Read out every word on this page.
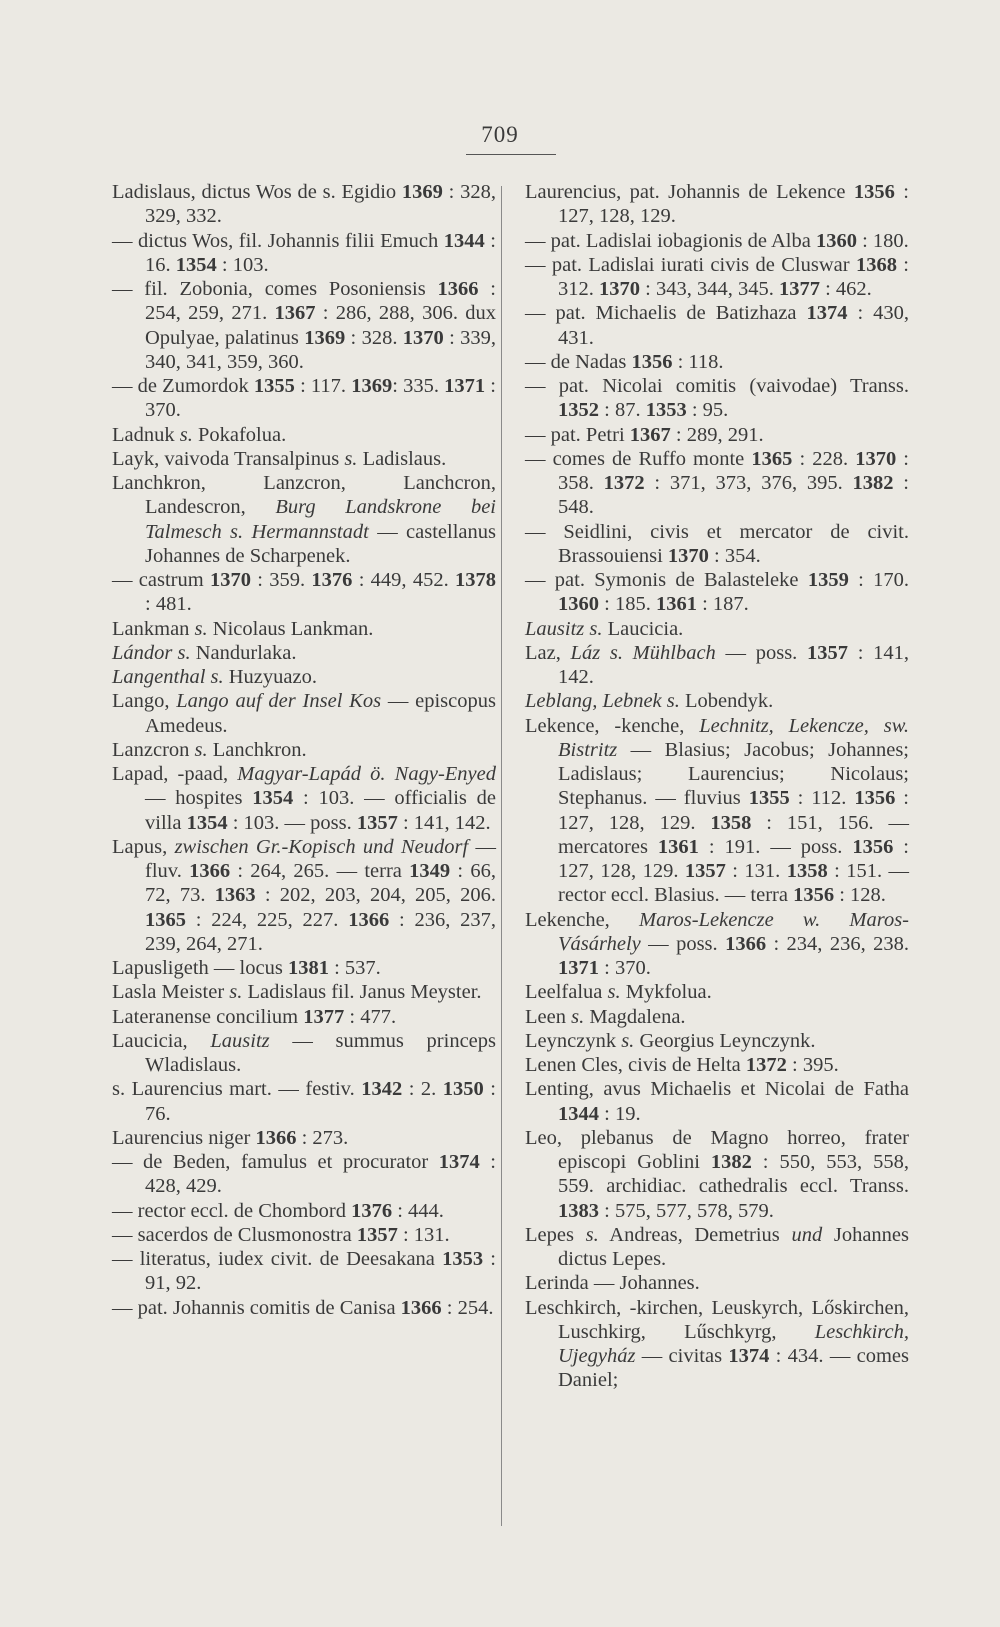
709
Ladislaus, dictus Wos de s. Egidio 1369 : 328, 329, 332.
— dictus Wos, fil. Johannis filii Emuch 1344 : 16. 1354 : 103.
— fil. Zobonia, comes Posoniensis 1366 : 254, 259, 271. 1367 : 286, 288, 306. dux Opulyae, palatinus 1369 : 328. 1370 : 339, 340, 341, 359, 360.
— de Zumordok 1355 : 117. 1369: 335. 1371 : 370.
Ladnuk s. Pokafolua.
Layk, vaivoda Transalpinus s. Ladislaus.
Lanchkron, Lanzcron, Lanchcron, Landescron, Burg Landskrone bei Talmesch s. Hermannstadt — castellanus Johannes de Scharpenek.
— castrum 1370 : 359. 1376 : 449, 452. 1378 : 481.
Lankman s. Nicolaus Lankman.
Lándor s. Nandurlaka.
Langenthal s. Huzyuazo.
Lango, Lango auf der Insel Kos — episcopus Amedeus.
Lanzcron s. Lanchkron.
Lapad, -paad, Magyar-Lapád ö. Nagy-Enyed — hospites 1354 : 103. — officialis de villa 1354 : 103. — poss. 1357 : 141, 142.
Lapus, zwischen Gr.-Kopisch und Neudorf — fluv. 1366 : 264, 265. — terra 1349 : 66, 72, 73. 1363 : 202, 203, 204, 205, 206. 1365 : 224, 225, 227. 1366 : 236, 237, 239, 264, 271.
Lapusligeth — locus 1381 : 537.
Lasla Meister s. Ladislaus fil. Janus Meyster.
Lateranense concilium 1377 : 477.
Laucicia, Lausitz — summus princeps Wladislaus.
s. Laurencius mart. — festiv. 1342 : 2. 1350 : 76.
Laurencius niger 1366 : 273.
— de Beden, famulus et procurator 1374 : 428, 429.
— rector eccl. de Chombord 1376 : 444.
— sacerdos de Clusmonostra 1357 : 131.
— literatus, iudex civit. de Deesakana 1353 : 91, 92.
— pat. Johannis comitis de Canisa 1366 : 254.
Laurencius, pat. Johannis de Lekence 1356 : 127, 128, 129.
— pat. Ladislai iobagionis de Alba 1360 : 180.
— pat. Ladislai iurati civis de Cluswar 1368 : 312. 1370 : 343, 344, 345. 1377 : 462.
— pat. Michaelis de Batizhaza 1374 : 430, 431.
— de Nadas 1356 : 118.
— pat. Nicolai comitis (vaivodae) Transs. 1352 : 87. 1353 : 95.
— pat. Petri 1367 : 289, 291.
— comes de Ruffo monte 1365 : 228. 1370 : 358. 1372 : 371, 373, 376, 395. 1382 : 548.
— Seidlini, civis et mercator de civit. Brassouiensi 1370 : 354.
— pat. Symonis de Balasteleke 1359 : 170. 1360 : 185. 1361 : 187.
Lausitz s. Laucicia.
Laz, Láz s. Mühlbach — poss. 1357 : 141, 142.
Leblang, Lebnek s. Lobendyk.
Lekence, -kenche, Lechnitz, Lekencze, sw. Bistritz — Blasius; Jacobus; Johannes; Ladislaus; Laurencius; Nicolaus; Stephanus. — fluvius 1355 : 112. 1356 : 127, 128, 129. 1358 : 151, 156. — mercatores 1361 : 191. — poss. 1356 : 127, 128, 129. 1357 : 131. 1358 : 151. — rector eccl. Blasius. — terra 1356 : 128.
Lekenche, Maros-Lekencze w. Maros-Vásárhely — poss. 1366 : 234, 236, 238. 1371 : 370.
Leelfalua s. Mykfolua.
Leen s. Magdalena.
Leynczynk s. Georgius Leynczynk.
Lenen Cles, civis de Helta 1372 : 395.
Lenting, avus Michaelis et Nicolai de Fatha 1344 : 19.
Leo, plebanus de Magno horreo, frater episcopi Goblini 1382 : 550, 553, 558, 559. archidiac. cathedralis eccl. Transs. 1383 : 575, 577, 578, 579.
Lepes s. Andreas, Demetrius und Johannes dictus Lepes.
Lerinda — Johannes.
Leschkirch, -kirchen, Leuskyrch, Lőskirchen, Luschkirg, Lűschkyrg, Leschkirch, Ujegyház — civitas 1374 : 434. — comes Daniel;
